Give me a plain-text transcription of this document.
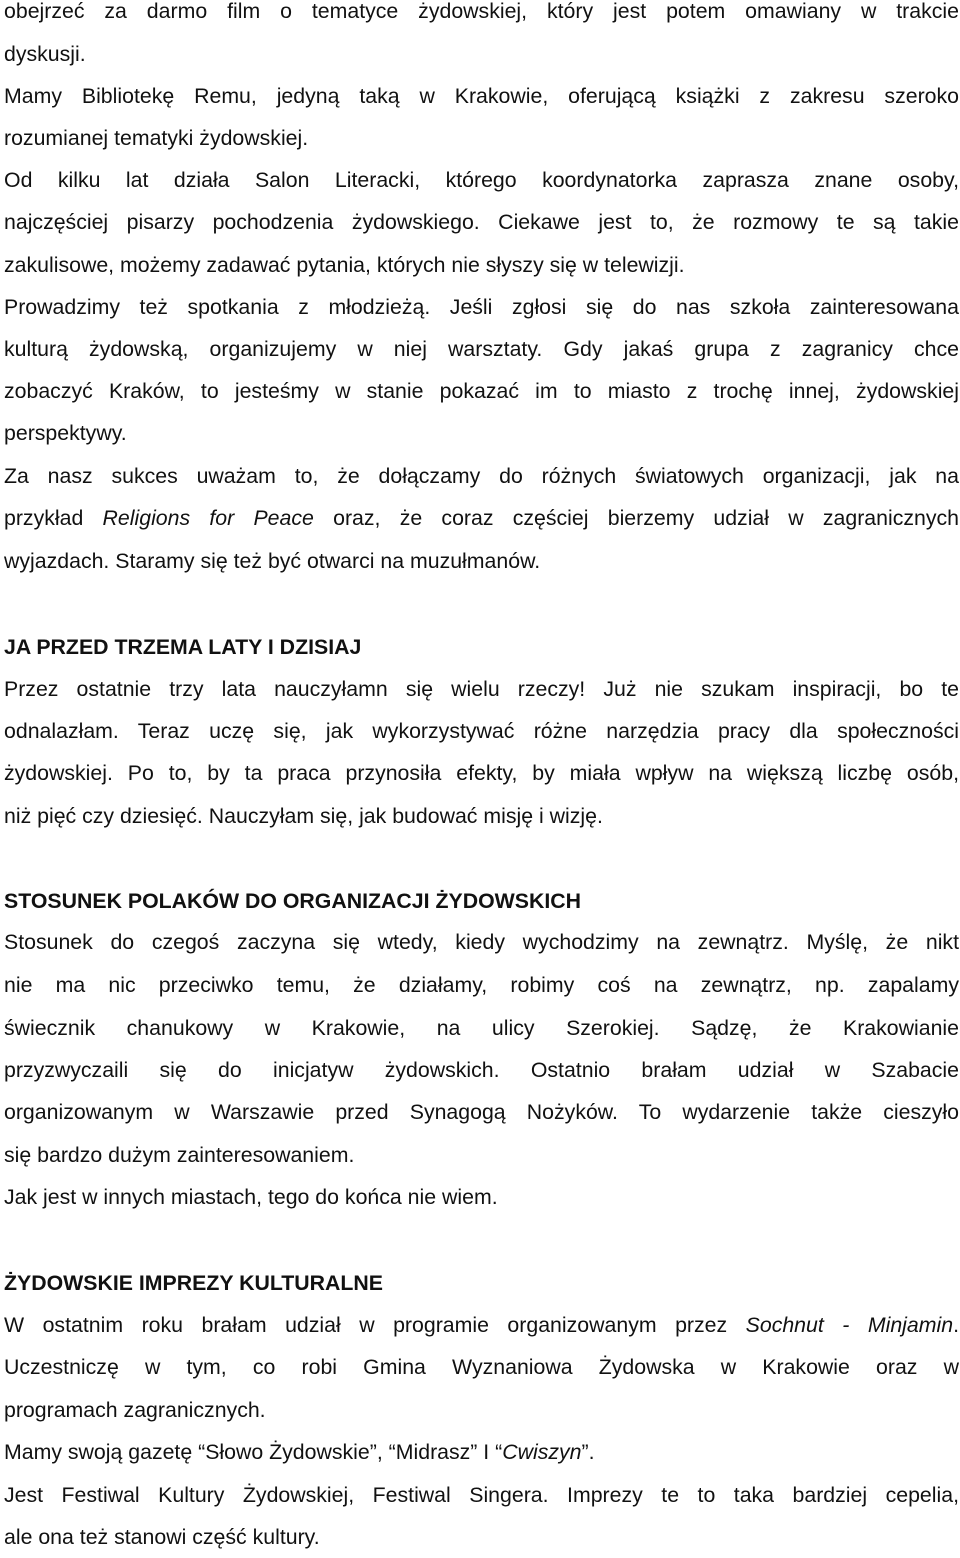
obejrzeć za darmo film o tematyce żydowskiej, który jest potem omawiany w trakcie
dyskusji.
Mamy Bibliotekę Remu, jedyną taką w Krakowie, oferującą książki z zakresu szeroko
rozumianej tematyki żydowskiej.
Od kilku lat działa Salon Literacki, którego koordynatorka zaprasza znane osoby,
najczęściej pisarzy pochodzenia żydowskiego. Ciekawe jest to, że rozmowy te są takie
zakulisowe, możemy zadawać pytania, których nie słyszy się w telewizji.
Prowadzimy też spotkania z młodzieżą. Jeśli zgłosi się do nas szkoła zainteresowana
kulturą żydowską, organizujemy w niej warsztaty. Gdy jakaś grupa z zagranicy chce
zobaczyć Kraków, to jesteśmy w stanie pokazać im to miasto z trochę innej, żydowskiej
perspektywy.
Za nasz sukces uważam to, że dołączamy do różnych światowych organizacji, jak na
przykład Religions for Peace oraz, że coraz częściej bierzemy udział w zagranicznych
wyjazdach. Staramy się też być otwarci na muzułmanów.
JA PRZED TRZEMA LATY I DZISIAJ
Przez ostatnie trzy lata nauczyłamn się wielu rzeczy! Już nie szukam inspiracji, bo te
odnalazłam. Teraz uczę się, jak wykorzystywać różne narzędzia pracy dla społeczności
żydowskiej. Po to, by ta praca przynosiła efekty, by miała wpływ na większą liczbę osób,
niż pięć czy dziesięć. Nauczyłam się, jak budować misję i wizję.
STOSUNEK POLAKÓW DO ORGANIZACJI ŻYDOWSKICH
Stosunek do czegoś zaczyna się wtedy, kiedy wychodzimy na zewnątrz. Myślę, że nikt
nie ma nic przeciwko temu, że działamy, robimy coś na zewnątrz, np. zapalamy
świecznik chanukowy w Krakowie, na ulicy Szerokiej. Sądzę, że Krakowianie
przyzwyczaili się do inicjatyw żydowskich. Ostatnio brałam udział w Szabacie
organizowanym w Warszawie przed Synagogą Nożyków. To wydarzenie także cieszyło
się bardzo dużym zainteresowaniem.
Jak jest w innych miastach, tego do końca nie wiem.
ŻYDOWSKIE IMPREZY KULTURALNE
W ostatnim roku brałam udział w programie organizowanym przez Sochnut - Minjamin.
Uczestniczę w tym, co robi Gmina Wyznaniowa Żydowska w Krakowie oraz w
programach zagranicznych.
Mamy swoją gazetę “Słowo Żydowskie”, “Midrasz” I “Cwiszyn”.
Jest Festiwal Kultury Żydowskiej, Festiwal Singera. Imprezy te to taka bardziej cepelia,
ale ona też stanowi część kultury.
